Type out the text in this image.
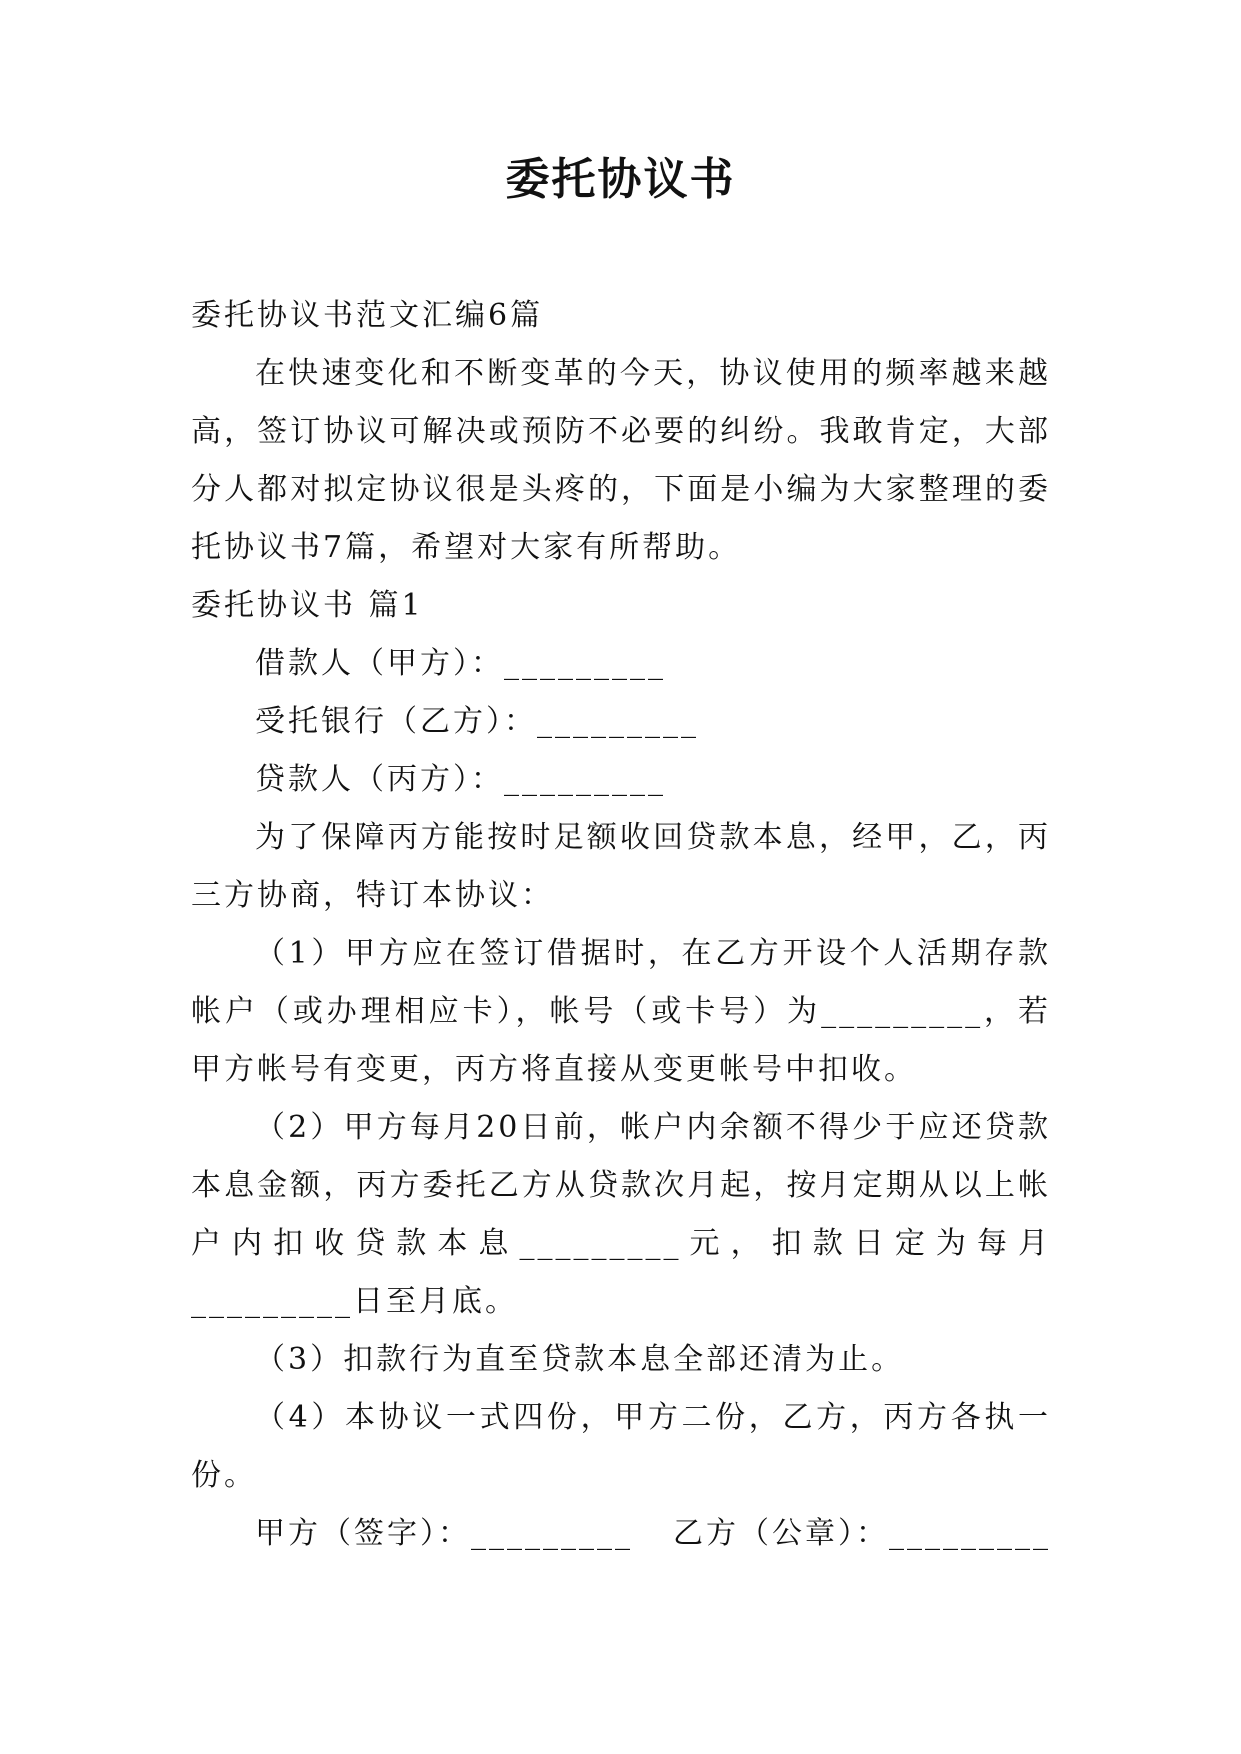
委托协议书

委托协议书范文汇编6篇

在快速变化和不断变革的今天，协议使用的频率越来越高，签订协议可解决或预防不必要的纠纷。我敢肯定，大部分人都对拟定协议很是头疼的，下面是小编为大家整理的委托协议书7篇，希望对大家有所帮助。

委托协议书 篇1

借款人（甲方）：_________

受托银行（乙方）：_________

贷款人（丙方）：_________

为了保障丙方能按时足额收回贷款本息，经甲，乙，丙三方协商，特订本协议：

（1）甲方应在签订借据时，在乙方开设个人活期存款帐户（或办理相应卡），帐号（或卡号）为_________，若甲方帐号有变更，丙方将直接从变更帐号中扣收。

（2）甲方每月20日前，帐户内余额不得少于应还贷款本息金额，丙方委托乙方从贷款次月起，按月定期从以上帐户内扣收贷款本息_________元，扣款日定为每月_________日至月底。

（3）扣款行为直至贷款本息全部还清为止。

（4）本协议一式四份，甲方二份，乙方，丙方各执一份。

甲方（签字）：_________ 乙方（公章）：_________
